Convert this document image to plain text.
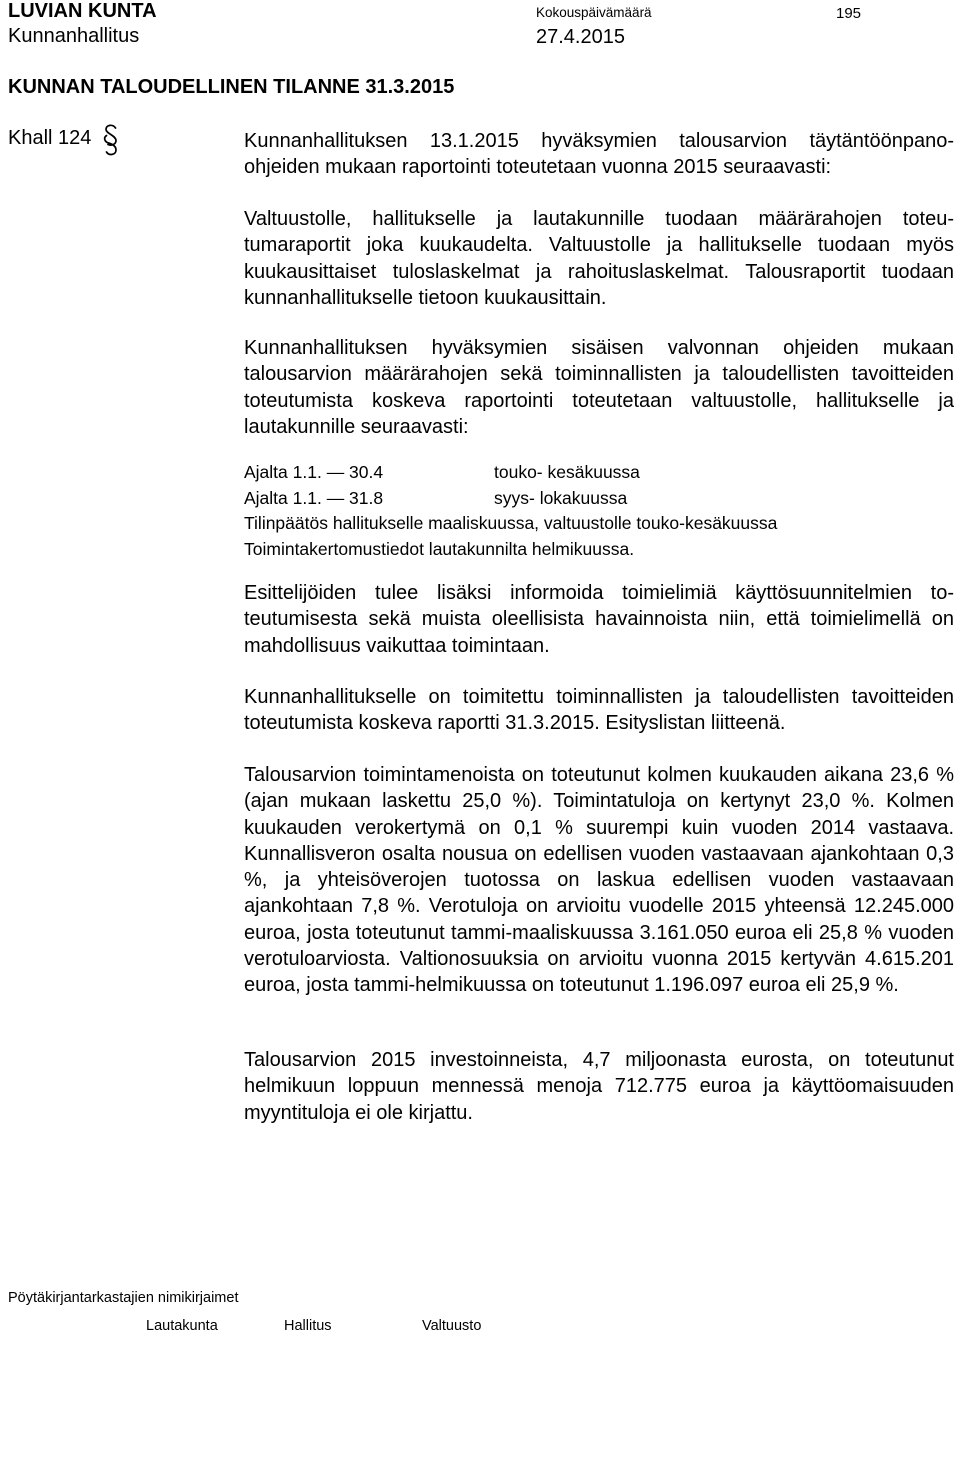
LUVIAN KUNTA
Kunnanhallitus
Kokouspäivämäärä
27.4.2015
195
KUNNAN TALOUDELLINEN TILANNE 31.3.2015
Khall 124	Kunnanhallituksen 13.1.2015 hyväksymien talousarvion täytäntöönpano-ohjeiden mukaan raportointi toteutetaan vuonna 2015 seuraavasti:

Valtuustolle, hallitukselle ja lautakunnille tuodaan määrärahojen toteutumaraportit joka kuukaudelta. Valtuustolle ja hallitukselle tuodaan myös kuukausittaiset tuloslaskelmat ja rahoituslaskelmat. Talousraportit tuodaan kunnanhallitukselle tietoon kuukausittain.

Kunnanhallituksen hyväksymien sisäisen valvonnan ohjeiden mukaan talousarvion määrärahojen sekä toiminnallisten ja taloudellisten tavoitteiden toteutumista koskeva raportointi toteutetaan valtuustolle, hallitukselle ja lautakunnille seuraavasti:

Ajalta 1.1. — 30.4	touko- kesäkuussa
Ajalta 1.1. — 31.8	syys- lokakuussa
Tilinpäätös hallitukselle maaliskuussa, valtuustolle touko-kesäkuussa
Toimintakertomustiedot lautakunnilta helmikuussa.

Esittelijöiden tulee lisäksi informoida toimielimiä käyttösuunnitelmien toteutumisesta sekä muista oleellisista havainnoista niin, että toimielimellä on mahdollisuus vaikuttaa toimintaan.

Kunnanhallitukselle on toimitettu toiminnallisten ja taloudellisten tavoitteiden toteutumista koskeva raportti 31.3.2015. Esityslistan liitteenä.

Talousarvion toimintamenoista on toteutunut kolmen kuukauden aikana 23,6 % (ajan mukaan laskettu 25,0 %). Toimintatuloja on kertynyt 23,0 %. Kolmen kuukauden verokertymä on 0,1 % suurempi kuin vuoden 2014 vastaava. Kunnallisveron osalta nousua on edellisen vuoden vastaavaan ajankohtaan 0,3 %, ja yhteisöverojen tuotossa on laskua edellisen vuoden vastaavaan ajankohtaan 7,8 %. Verotuloja on arvioitu vuodelle 2015 yhteensä 12.245.000 euroa, josta toteutunut tammi-maaliskuussa 3.161.050 euroa eli 25,8 % vuoden verotuloarviosta. Valtionosuuksia on arvioitu vuonna 2015 kertyvän 4.615.201 euroa, josta tammi-helmikuussa on toteutunut 1.196.097 euroa eli 25,9 %.

Talousarvion 2015 investoinneista, 4,7 miljoonasta eurosta, on toteutunut helmikuun loppuun mennessä menoja 712.775 euroa ja käyttöomaisuuden myyntituloja ei ole kirjattu.

Pöytäkirjantarkastajien nimikirjaimet
Lautakunta	Hallitus	Valtuusto
